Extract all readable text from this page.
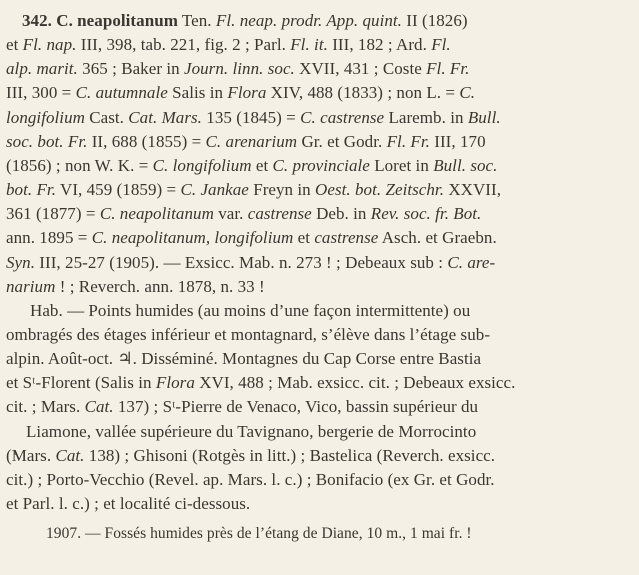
342. C. neapolitanum Ten. Fl. neap. prodr. App. quint. II (1826)
et Fl. nap. III, 398, tab. 221, fig. 2 ; Parl. Fl. it. III, 182 ; Ard. Fl.
alp. marit. 365 ; Baker in Journ. linn. soc. XVII, 431 ; Coste Fl. Fr.
III, 300 = C. autumnale Salis in Flora XIV, 488 (1833) ; non L. = C.
longifolium Cast. Cat. Mars. 135 (1845) = C. castrense Laremb. in Bull.
soc. bot. Fr. II, 688 (1855) = C. arenarium Gr. et Godr. Fl. Fr. III, 170
(1856) ; non W. K. = C. longifolium et C. provinciale Loret in Bull. soc.
bot. Fr. VI, 459 (1859) = C. Jankae Freyn in Oest. bot. Zeitschr. XXVII,
361 (1877) = C. neapolitanum var. castrense Deb. in Rev. soc. fr. Bot.
ann. 1895 = C. neapolitanum, longifolium et castrense Asch. et Graebn.
Syn. III, 25-27 (1905). — Exsicc. Mab. n. 273 ! ; Debeaux sub : C. are-
narium ! ; Reverch. ann. 1878, n. 33 !
Hab. — Points humides (au moins d’une façon intermittente) ou
ombragés des étages inférieur et montagnard, s’élève dans l’étage sub-
alpin. Août-oct. ♃. Disséminé. Montagnes du Cap Corse entre Bastia
et Sᵗ-Florent (Salis in Flora XVI, 488 ; Mab. exsicc. cit. ; Debeaux exsicc.
cit. ; Mars. Cat. 137) ; Sᵗ-Pierre de Venaco, Vico, bassin supérieur du
Liamone, vallée supérieure du Tavignano, bergerie de Morrocinto
(Mars. Cat. 138) ; Ghisoni (Rotgès in litt.) ; Bastelica (Reverch. exsicc.
cit.) ; Porto-Vecchio (Revel. ap. Mars. l. c.) ; Bonifacio (ex Gr. et Godr.
et Parl. l. c.) ; et localité ci-dessous.
1907. — Fossés humides près de l’étang de Diane, 10 m., 1 mai fr. !
